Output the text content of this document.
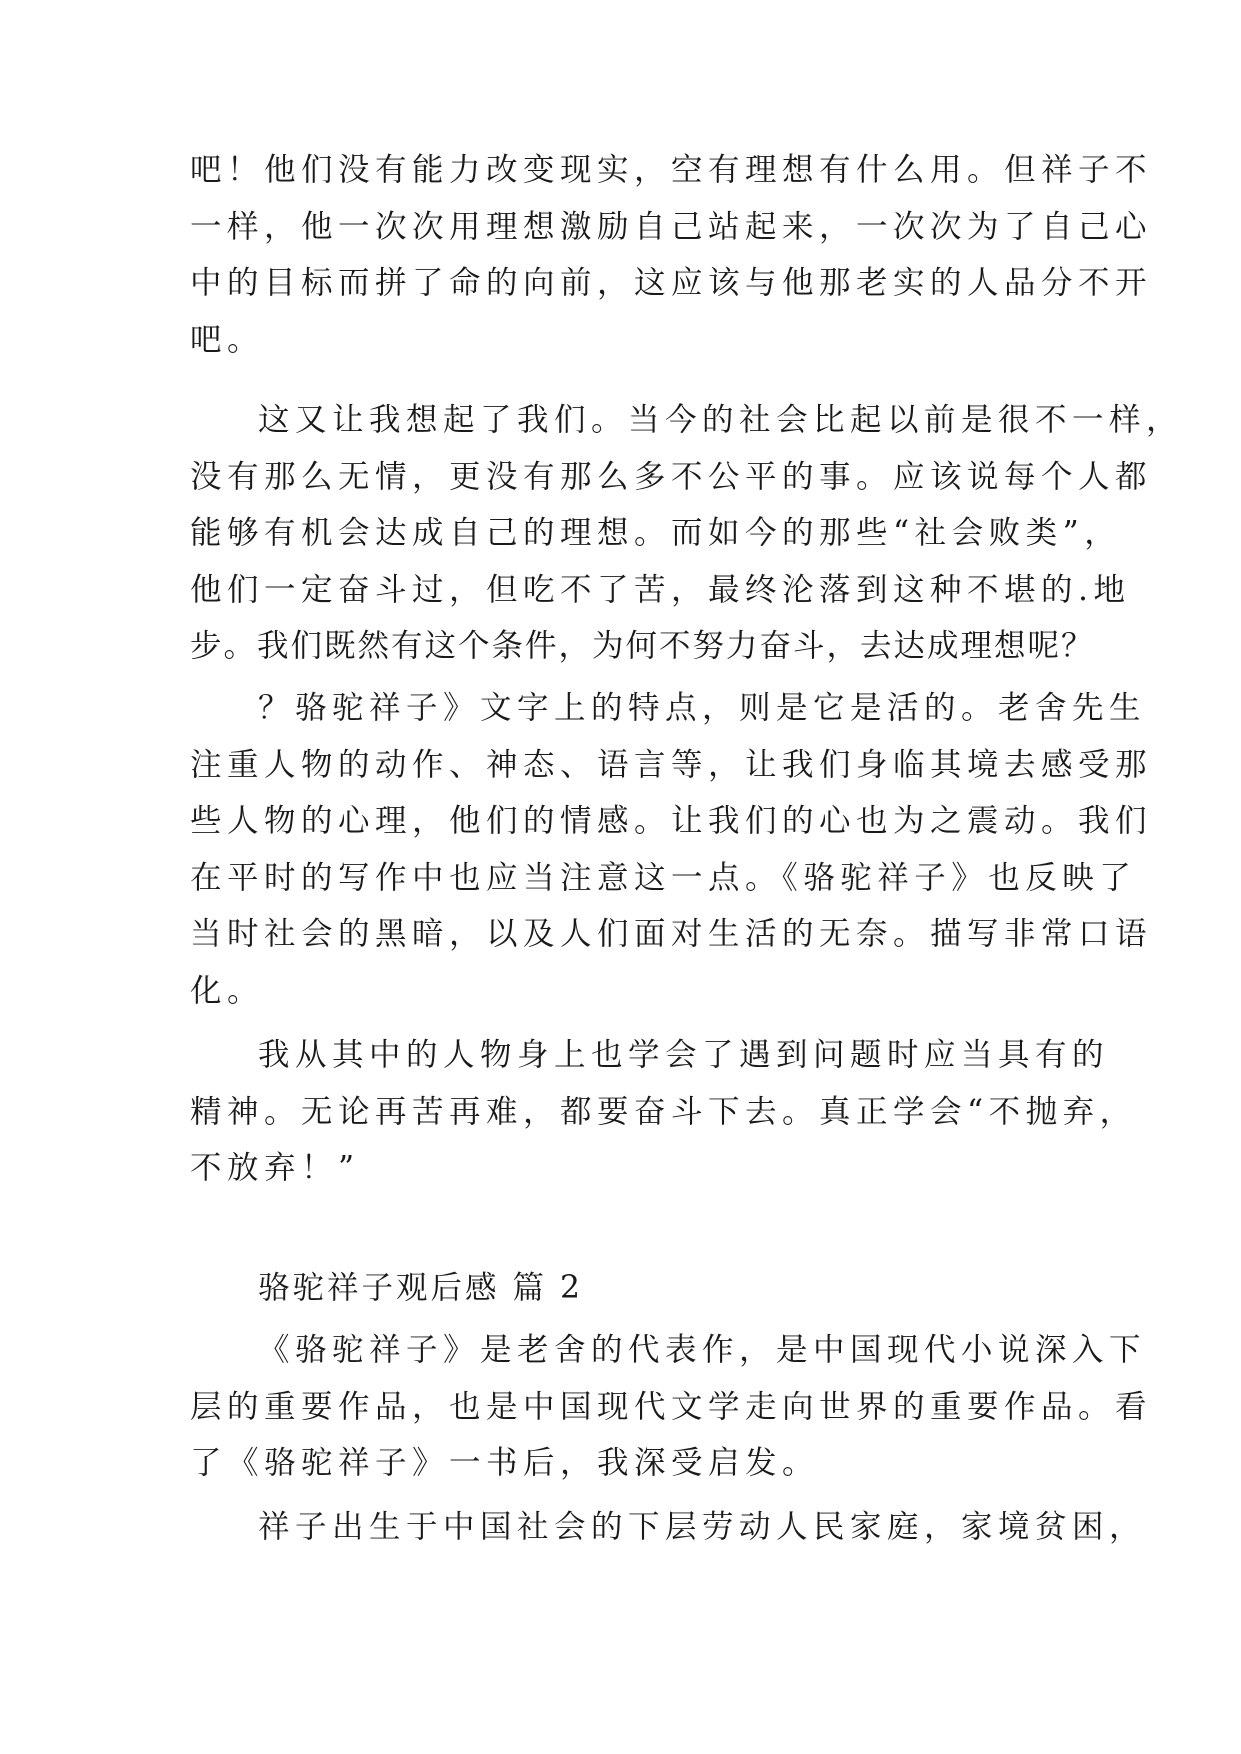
吧！他们没有能力改变现实，空有理想有什么用。但祥子不
一样，他一次次用理想激励自己站起来，一次次为了自己心
中的目标而拼了命的向前，这应该与他那老实的人品分不开
吧。
这又让我想起了我们。当今的社会比起以前是很不一样，
没有那么无情，更没有那么多不公平的事。应该说每个人都
能够有机会达成自己的理想。而如今的那些“社会败类”，
他们一定奋斗过，但吃不了苦，最终沦落到这种不堪的.地
步。我们既然有这个条件，为何不努力奋斗，去达成理想呢？
？骆驼祥子》文字上的特点，则是它是活的。老舍先生
注重人物的动作、神态、语言等，让我们身临其境去感受那
些人物的心理，他们的情感。让我们的心也为之震动。我们
在平时的写作中也应当注意这一点。《骆驼祥子》也反映了
当时社会的黑暗，以及人们面对生活的无奈。描写非常口语
化。
我从其中的人物身上也学会了遇到问题时应当具有的
精神。无论再苦再难，都要奋斗下去。真正学会“不抛弃，
不放弃！”
骆驼祥子观后感 篇 2
《骆驼祥子》是老舍的代表作，是中国现代小说深入下
层的重要作品，也是中国现代文学走向世界的重要作品。看
了《骆驼祥子》一书后，我深受启发。
祥子出生于中国社会的下层劳动人民家庭，家境贫困，
